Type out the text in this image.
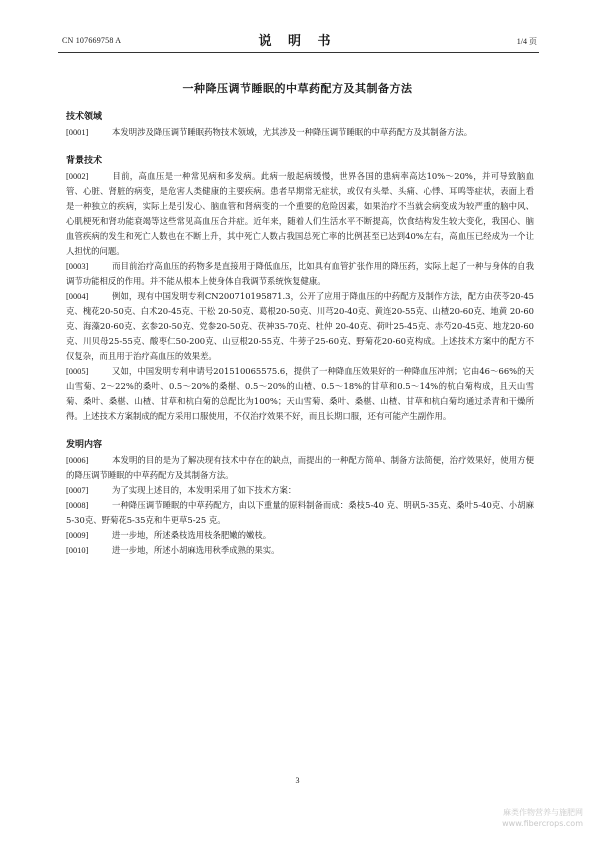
CN 107669758 A	说 明 书	1/4 页
一种降压调节睡眠的中草药配方及其制备方法
技术领域

[0001]	本发明涉及降压调节睡眠药物技术领域，尤其涉及一种降压调节睡眠的中草药配方及其制备方法。

背景技术

[0002]	目前，高血压是一种常见病和多发病。此病一般起病缓慢，世界各国的患病率高达10%～20%，并可导致脑血管、心脏、肾脏的病变，是危害人类健康的主要疾病。患者早期常无症状，或仅有头晕、头痛、心悸、耳鸣等症状，表面上看是一种独立的疾病，实际上是引发心、脑血管和肾病变的一个重要的危险因素，如果治疗不当就会病变成为较严重的脑中风、心肌梗死和肾功能衰竭等这些常见高血压合并症。近年来，随着人们生活水平不断提高，饮食结构发生较大变化，我国心、脑血管疾病的发生和死亡人数也在不断上升，其中死亡人数占我国总死亡率的比例甚至已达到40%左右，高血压已经成为一个让人担忧的问题。

[0003]	而目前治疗高血压的药物多是直接用于降低血压，比如具有血管扩张作用的降压药，实际上起了一种与身体的自我调节功能相反的作用。并不能从根本上使身体自我调节系统恢复健康。

[0004]	例如，现有中国发明专利CN200710195871.3，公开了应用于降血压的中药配方及制作方法，配方由茯苓20-45克、槐花20-50克、白术20-45克、干松 20-50克、葛根20-50克、川芎20-40克、黄连20-55克、山楂20-60克、地黄 20-60克、海藻20-60克、玄参20-50克、党参20-50克、茯神35-70克、杜仲 20-40克、荷叶25-45克、赤芍20-45克、地龙20-60克、川贝母25-55克、酸枣仁50-200克、山豆根20-55克、牛蒡子25-60克、野菊花20-60克构成。上述技术方案中的配方不仅复杂，而且用于治疗高血压的效果差。

[0005]	又如，中国发明专利申请号201510065575.6，提供了一种降血压效果好的一种降血压冲剂；它由46～66%的天山雪菊、2～22%的桑叶、0.5～20%的桑椹、0.5～20%的山楂、0.5～18%的甘草和0.5～14%的杭白菊构成，且天山雪菊、桑叶、桑椹、山楂、甘草和杭白菊的总配比为100%；天山雪菊、桑叶、桑椹、山楂、甘草和杭白菊均通过杀青和干燥所得。上述技术方案制成的配方采用口服使用，不仅治疗效果不好，而且长期口服，还有可能产生副作用。

发明内容

[0006]	本发明的目的是为了解决现有技术中存在的缺点，而提出的一种配方简单、制备方法简便，治疗效果好，使用方便的降压调节睡眠的中草药配方及其制备方法。

[0007]	为了实现上述目的，本发明采用了如下技术方案：

[0008]	一种降压调节睡眠的中草药配方，由以下重量的原料制备而成：桑枝5-40 克、明矾5-35克、桑叶5-40克、小胡麻5-30克、野菊花5-35克和牛更草5-25 克。

[0009]	进一步地，所述桑枝选用枝条肥嫩的嫩枝。

[0010]	进一步地，所述小胡麻选用秋季成熟的果实。

3
麻类作物营养与施肥网
www.fibercrops.com
